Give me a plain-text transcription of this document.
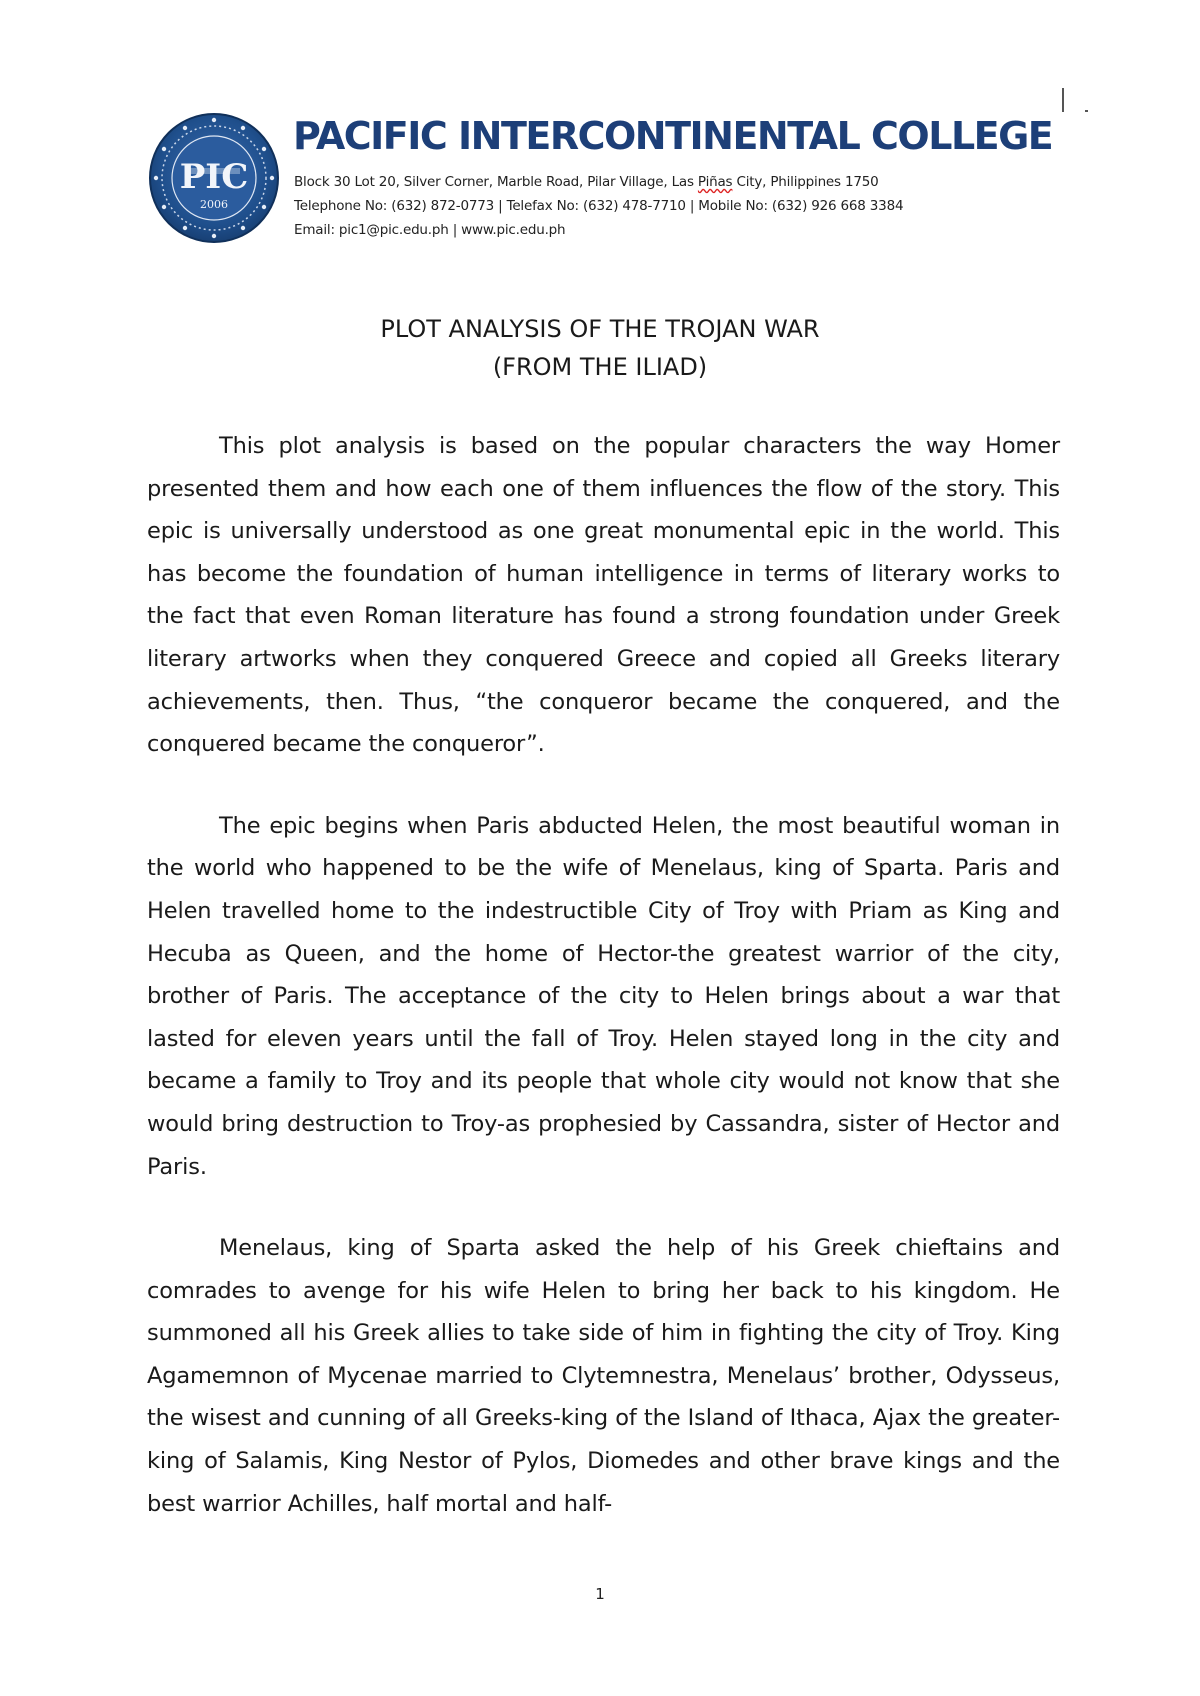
PIC
2006
PACIFIC INTERCONTINENTAL COLLEGE

Block 30 Lot 20, Silver Corner, Marble Road, Pilar Village, Las Piñas City, Philippines 1750

Telephone No: (632) 872-0773 | Telefax No: (632) 478-7710 | Mobile No: (632) 926 668 3384

Email: pic1@pic.edu.ph | www.pic.edu.ph

PLOT ANALYSIS OF THE TROJAN WAR

(FROM THE ILIAD)

This plot analysis is based on the popular characters the way Homer presented them and how each one of them influences the flow of the story. This epic is universally understood as one great monumental epic in the world. This has become the foundation of human intelligence in terms of literary works to the fact that even Roman literature has found a strong foundation under Greek literary artworks when they conquered Greece and copied all Greeks literary achievements, then. Thus, “the conqueror became the conquered, and the conquered became the conqueror”.

The epic begins when Paris abducted Helen, the most beautiful woman in the world who happened to be the wife of Menelaus, king of Sparta. Paris and Helen travelled home to the indestructible City of Troy with Priam as King and Hecuba as Queen, and the home of Hector-the greatest warrior of the city, brother of Paris. The acceptance of the city to Helen brings about a war that lasted for eleven years until the fall of Troy. Helen stayed long in the city and became a family to Troy and its people that whole city would not know that she would bring destruction to Troy-as prophesied by Cassandra, sister of Hector and Paris.

Menelaus, king of Sparta asked the help of his Greek chieftains and comrades to avenge for his wife Helen to bring her back to his kingdom. He summoned all his Greek allies to take side of him in fighting the city of Troy. King Agamemnon of Mycenae married to Clytemnestra, Menelaus’ brother, Odysseus, the wisest and cunning of all Greeks-king of the Island of Ithaca, Ajax the greater-king of Salamis, King Nestor of Pylos, Diomedes and other brave kings and the best warrior Achilles, half mortal and half-

1
